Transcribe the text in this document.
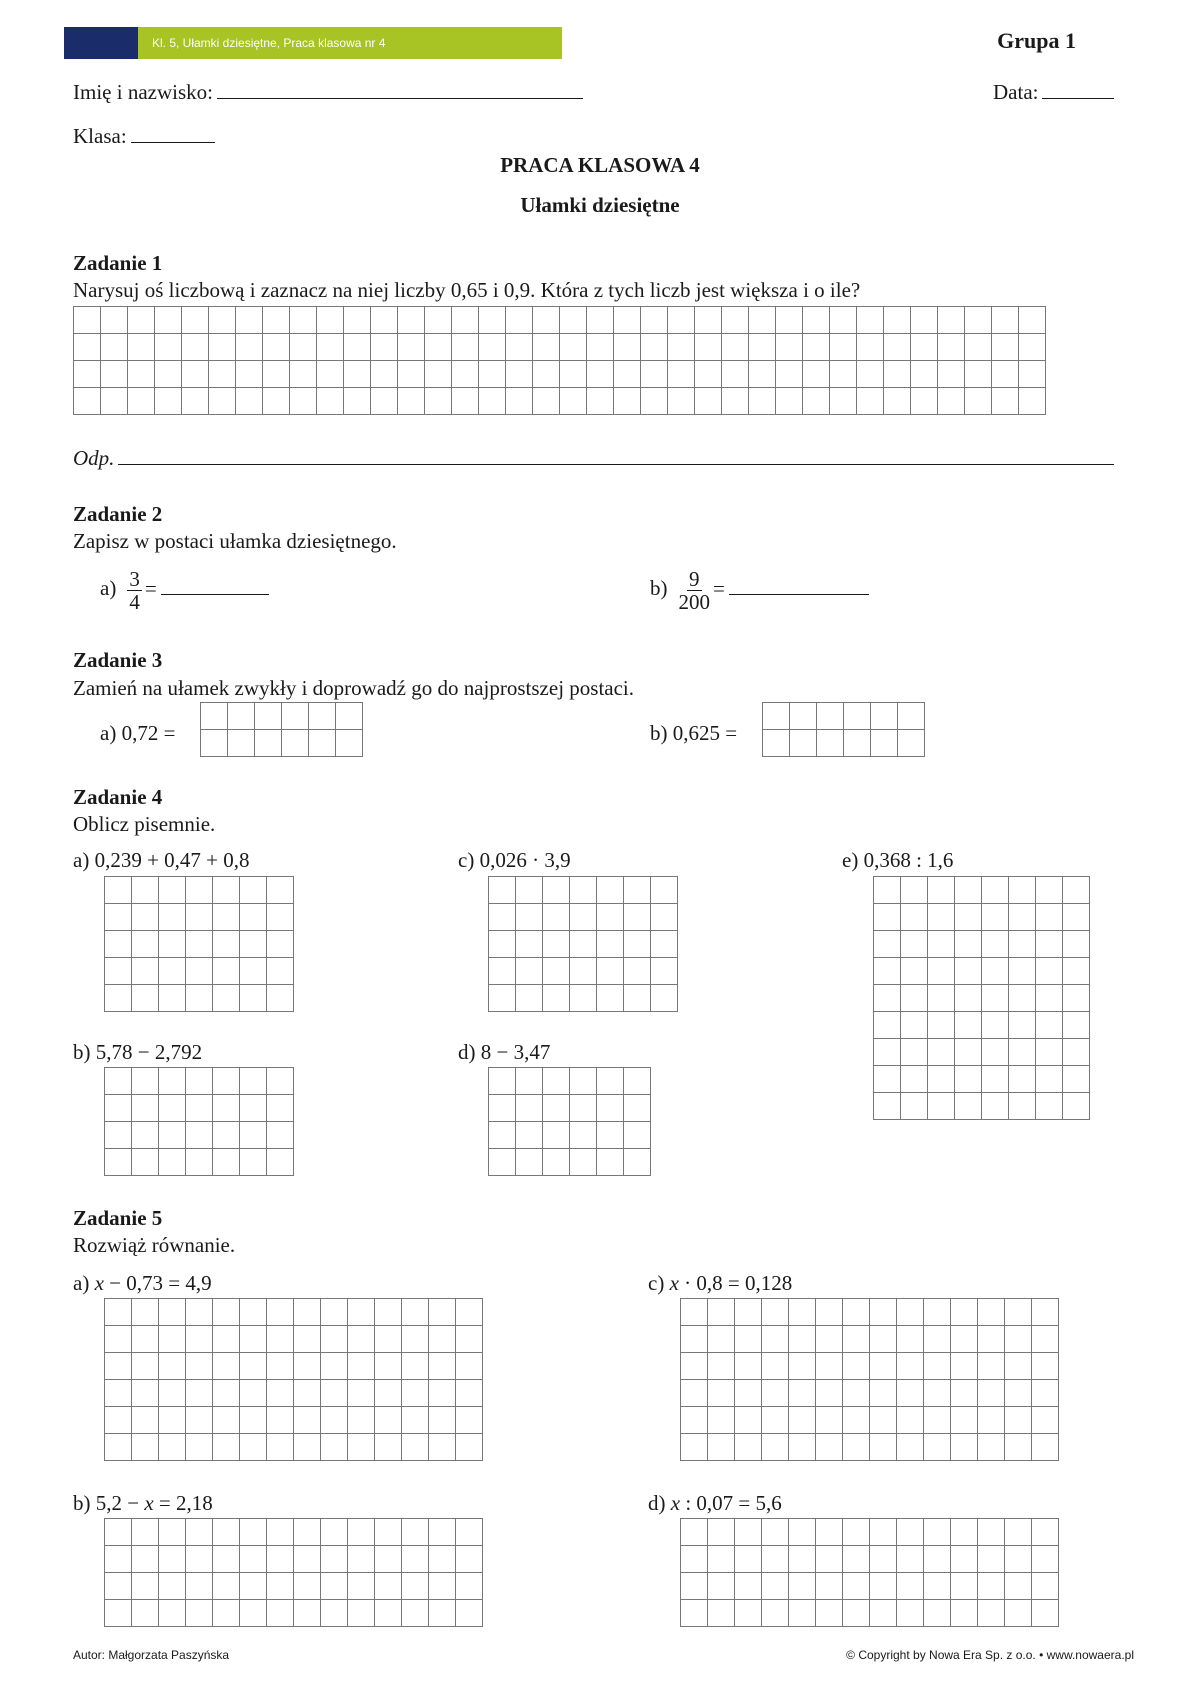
Kl. 5, Ułamki dziesiętne, Praca klasowa nr 4	Grupa 1
Imię i nazwisko:	Data:
Klasa:
PRACA KLASOWA 4
Ułamki dziesiętne
Zadanie 1
Narysuj oś liczbową i zaznacz na niej liczby 0,65 i 0,9. Która z tych liczb jest większa i o ile?

Odp.
Zadanie 2
Zapisz w postaci ułamka dziesiętnego.
$a) \frac{3}{4}$ =	$b) \frac{9}{200}$ =
Zadanie 3
Zamień na ułamek zwykły i doprowadź go do najprostszej postaci.
a) 0,72 =

						b) 0,625 =

Zadanie 4
Oblicz pisemnie.
a) 0,239 + 0,47 + 0,8

							c) 0,026 · 3,9

							e) 0,368 : 1,6

b) 5,78 − 2,792

							d) 8 − 3,47

Zadanie 5
Rozwiąż równanie.
a) x − 0,73 = 4,9

														c) x · 0,8 = 0,128

b) 5,2 − x = 2,18

														d) x : 0,07 = 5,6

Autor: Małgorzata Paszyńska	© Copyright by Nowa Era Sp. z o.o. • www.nowaera.pl
